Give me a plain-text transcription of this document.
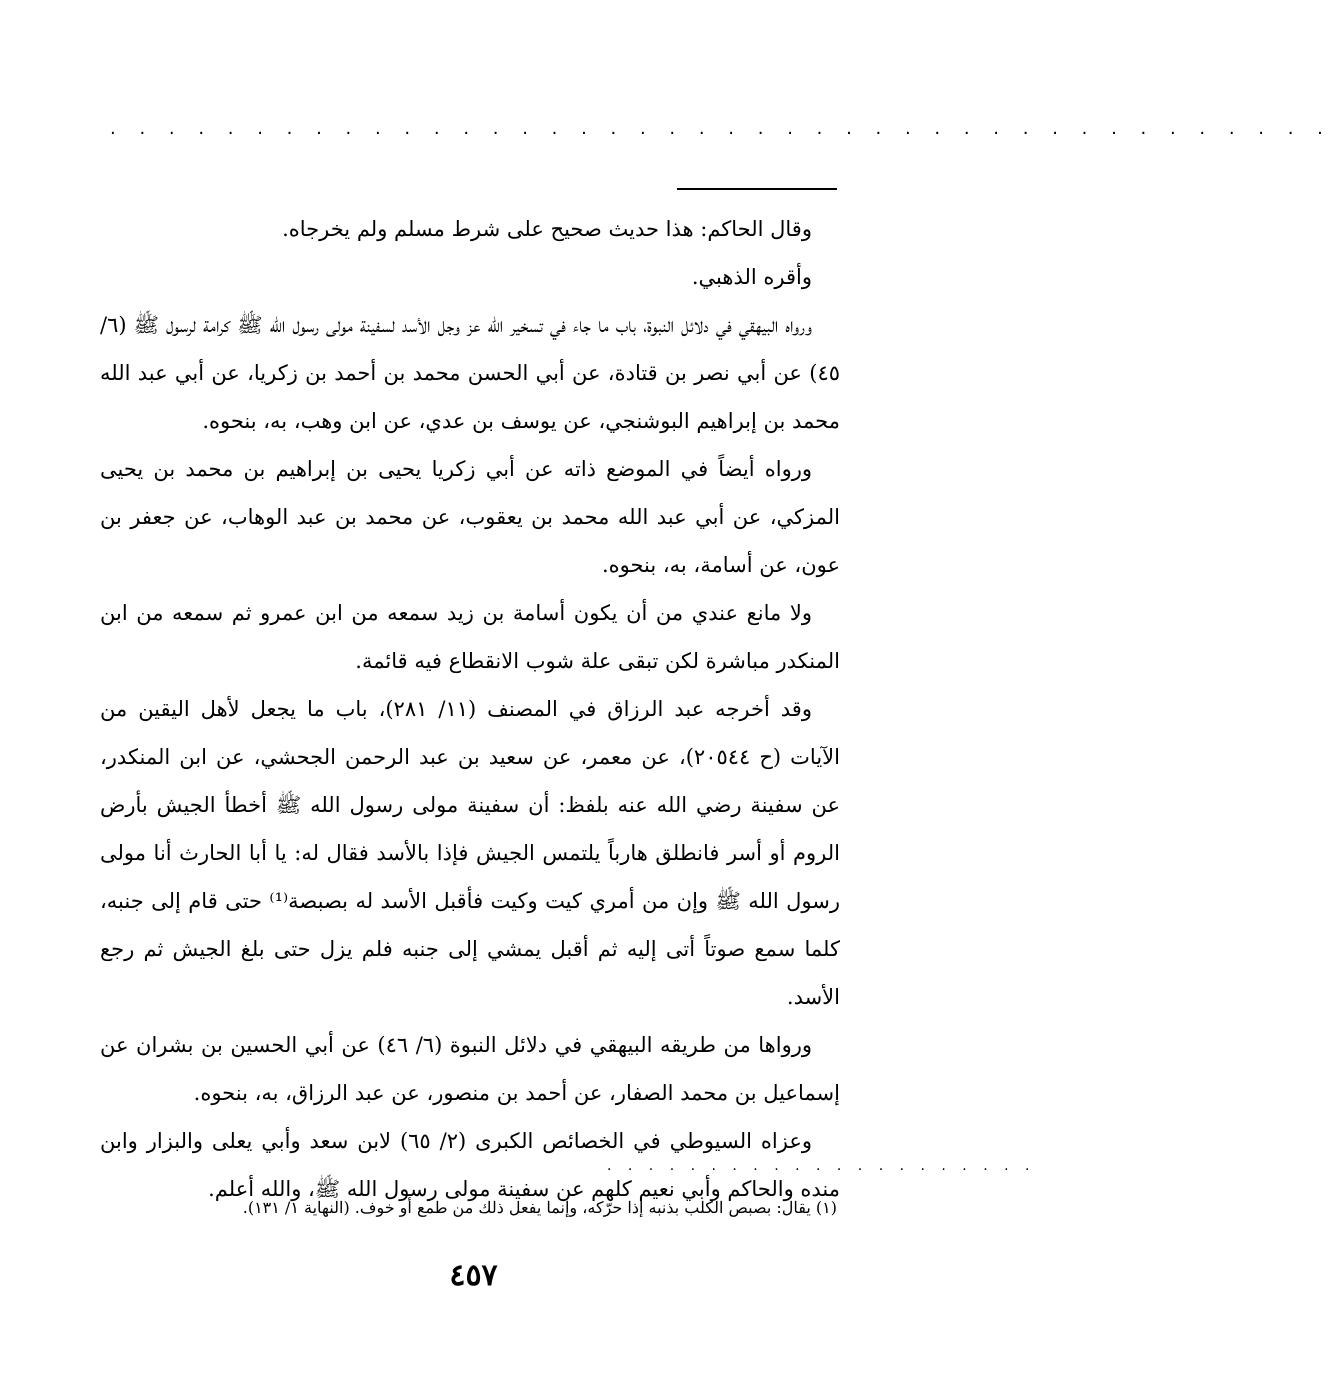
. . . . . . . . . . . . . . . . . . . . . . . . . . . . . . . . . . . . . . . . . .

وقال الحاكم: هذا حديث صحيح على شرط مسلم ولم يخرجاه.

وأقره الذهبي.

ورواه البيهقي في دلائل النبوة، باب ما جاء في تسخير الله عز وجل الأسد لسفينة مولى رسول الله ﷺ كرامة لرسول ﷺ (٦/ ٤٥) عن أبي نصر بن قتادة، عن أبي الحسن محمد بن أحمد بن زكريا، عن أبي عبد الله محمد بن إبراهيم البوشنجي، عن يوسف بن عدي، عن ابن وهب، به، بنحوه.

ورواه أيضاً في الموضع ذاته عن أبي زكريا يحيى بن إبراهيم بن محمد بن يحيى المزكي، عن أبي عبد الله محمد بن يعقوب، عن محمد بن عبد الوهاب، عن جعفر بن عون، عن أسامة، به، بنحوه.

ولا مانع عندي من أن يكون أسامة بن زيد سمعه من ابن عمرو ثم سمعه من ابن المنكدر مباشرة لكن تبقى علة شوب الانقطاع فيه قائمة.

وقد أخرجه عبد الرزاق في المصنف (١١/ ٢٨١)، باب ما يجعل لأهل اليقين من الآيات (ح ٢٠٥٤٤)، عن معمر، عن سعيد بن عبد الرحمن الجحشي، عن ابن المنكدر، عن سفينة رضي الله عنه بلفظ: أن سفينة مولى رسول الله ﷺ أخطأ الجيش بأرض الروم أو أسر فانطلق هارباً يلتمس الجيش فإذا بالأسد فقال له: يا أبا الحارث أنا مولى رسول الله ﷺ وإن من أمري كيت وكيت فأقبل الأسد له بصبصة⁽¹⁾ حتى قام إلى جنبه، كلما سمع صوتاً أتى إليه ثم أقبل يمشي إلى جنبه فلم يزل حتى بلغ الجيش ثم رجع الأسد.

ورواها من طريقه البيهقي في دلائل النبوة (٦/ ٤٦) عن أبي الحسين بن بشران عن إسماعيل بن محمد الصفار، عن أحمد بن منصور، عن عبد الرزاق، به، بنحوه.

وعزاه السيوطي في الخصائص الكبرى (٢/ ٦٥) لابن سعد وأبي يعلى والبزار وابن منده والحاكم وأبي نعيم كلهم عن سفينة مولى رسول الله ﷺ، والله أعلم.

. . . . . . . . . . . . . . . . . . . . .
(١) يقال: بصبص الكلب بذنبه إذا حرّكه، وإنما يفعل ذلك من طمع أو خوف. (النهاية ١/ ١٣١).
٤٥٧
